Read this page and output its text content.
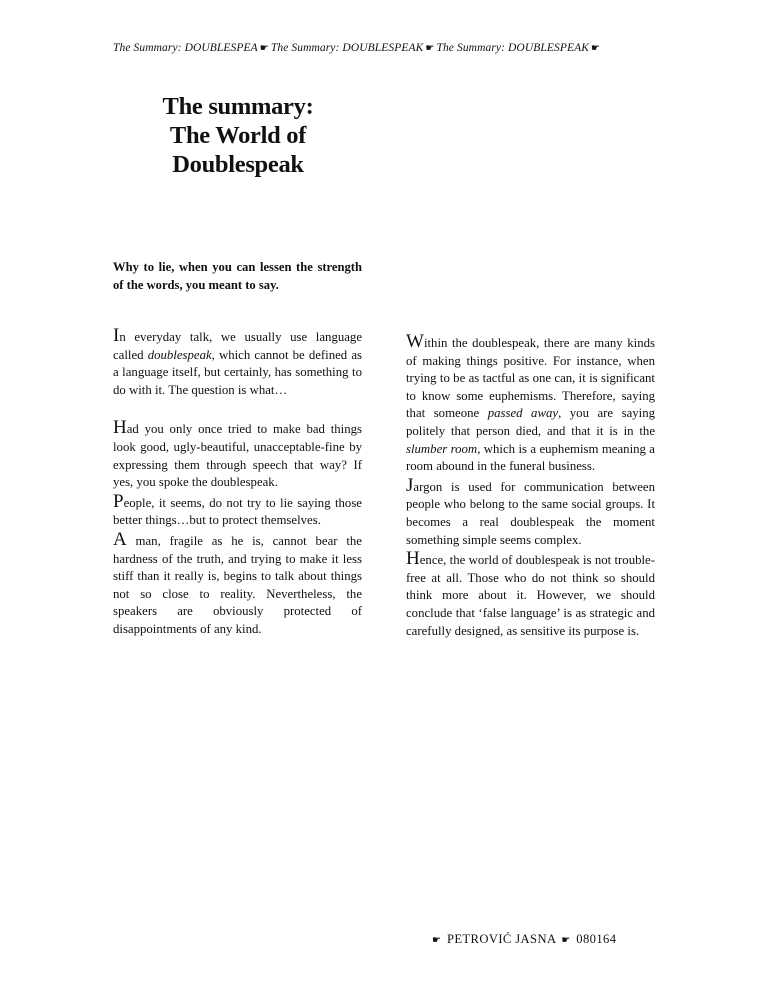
The Summary: DOUBLESPEA ☛ The Summary: DOUBLESPEAK ☛ The Summary: DOUBLESPEAK ☛
The summary:
The World of
Doublespeak
Why to lie, when you can lessen the strength of the words, you meant to say.

In everyday talk, we usually use language called doublespeak, which cannot be defined as a language itself, but certainly, has something to do with it. The question is what…

Had you only once tried to make bad things look good, ugly-beautiful, unacceptable-fine by expressing them through speech that way? If yes, you spoke the doublespeak.

People, it seems, do not try to lie saying those better things…but to protect themselves.

A man, fragile as he is, cannot bear the hardness of the truth, and trying to make it less stiff than it really is, begins to talk about things not so close to reality. Nevertheless, the speakers are obviously protected of disappointments of any kind.

Within the doublespeak, there are many kinds of making things positive. For instance, when trying to be as tactful as one can, it is significant to know some euphemisms. Therefore, saying that someone passed away, you are saying politely that person died, and that it is in the slumber room, which is a euphemism meaning a room abound in the funeral business.

Jargon is used for communication between people who belong to the same social groups. It becomes a real doublespeak the moment something simple seems complex.

Hence, the world of doublespeak is not trouble-free at all. Those who do not think so should think more about it. However, we should conclude that ‘false language’ is as strategic and carefully designed, as sensitive its purpose is.

☛ PETROVIĆ JASNA ☛ 080164
